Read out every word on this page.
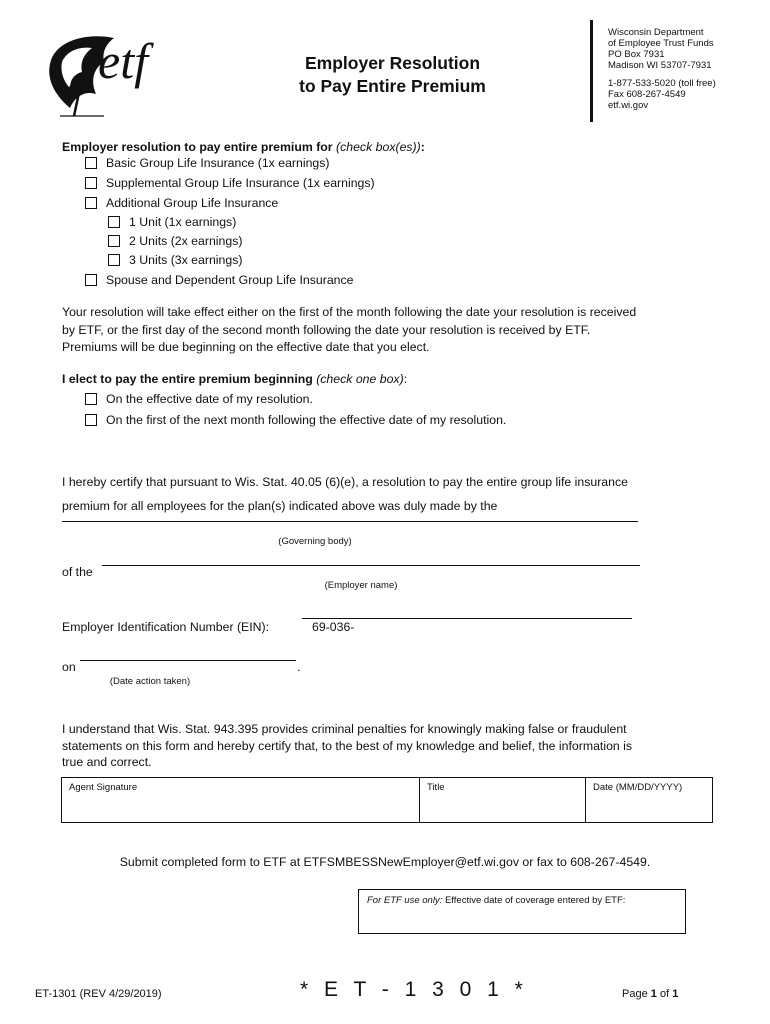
etf	Employer Resolution
to Pay Entire Premium
Wisconsin Department
of Employee Trust Funds
PO Box 7931
Madison WI 53707-7931
1-877-533-5020 (toll free)
Fax 608-267-4549
etf.wi.gov
Employer resolution to pay entire premium for (check box(es)):
Basic Group Life Insurance (1x earnings)
Supplemental Group Life Insurance (1x earnings)
Additional Group Life Insurance
1 Unit (1x earnings)
2 Units (2x earnings)
3 Units (3x earnings)
Spouse and Dependent Group Life Insurance
Your resolution will take effect either on the first of the month following the date your resolution is received
by ETF, or the first day of the second month following the date your resolution is received by ETF.
Premiums will be due beginning on the effective date that you elect.
I elect to pay the entire premium beginning (check one box):
On the effective date of my resolution.
On the first of the next month following the effective date of my resolution.
I hereby certify that pursuant to Wis. Stat. 40.05 (6)(e), a resolution to pay the entire group life insurance
premium for all employees for the plan(s) indicated above was duly made by the
(Governing body)
of the
(Employer name)
Employer Identification Number (EIN):	69-036-
on	.
(Date action taken)
I understand that Wis. Stat. 943.395 provides criminal penalties for knowingly making false or fraudulent
statements on this form and hereby certify that, to the best of my knowledge and belief, the information is
true and correct.
Agent Signature	Title	Date (MM/DD/YYYY)
Submit completed form to ETF at ETFSMBESSNewEmployer@etf.wi.gov or fax to 608-267-4549.
For ETF use only: Effective date of coverage entered by ETF:
ET-1301 (REV 4/29/2019)	* E T - 1 3 0 1 *	Page 1 of 1
